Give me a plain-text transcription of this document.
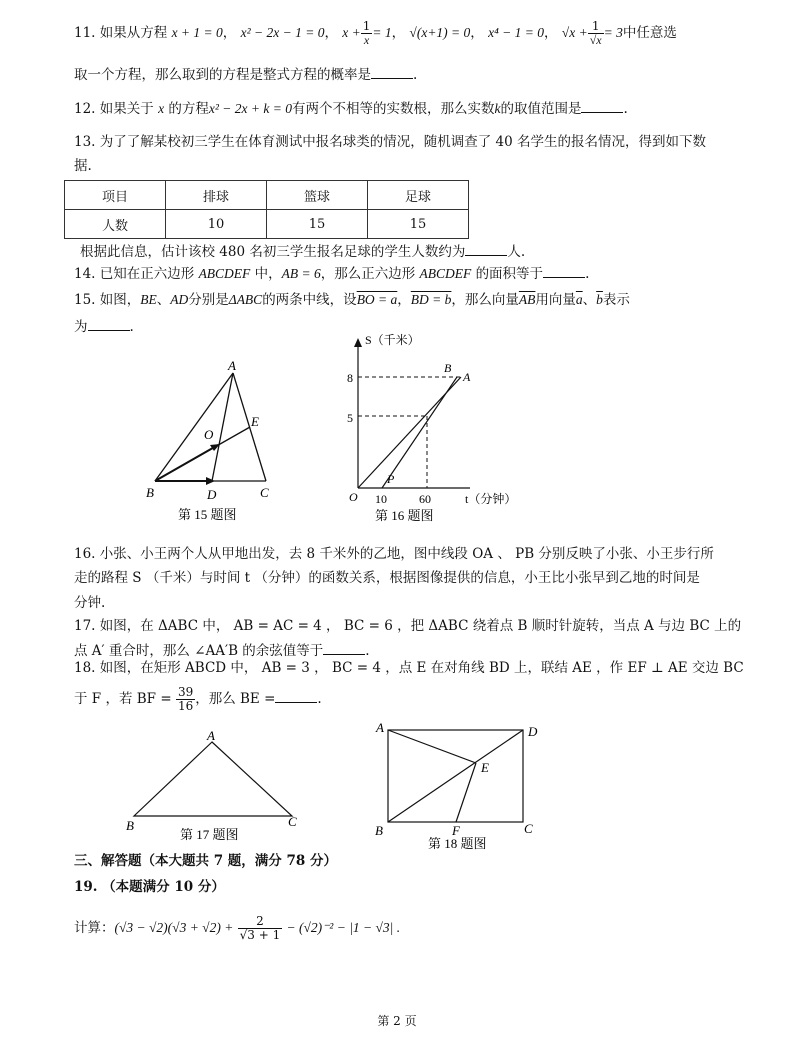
11. 如果从方程 x + 1 = 0， x² − 2x − 1 = 0， $x + \frac{1}{x} = 1$， √(x+1) = 0， x⁴ − 1 = 0， $√x + \frac{1}{√x} = 3$中任意选
取一个方程，那么取到的方程是整式方程的概率是	.
12. 如果关于 x 的方程x² − 2x + k = 0有两个不相等的实数根，那么实数k的取值范围是	.
13. 为了了解某校初三学生在体育测试中报名球类的情况，随机调查了 40 名学生的报名情况，得到如下数
据.
项目	排球	篮球	足球
人数	10	15	15
根据此信息，估计该校 480 名初三学生报名足球的学生人数约为	人.
14. 已知在正六边形 ABCDEF 中，AB = 6，那么正六边形 ABCDEF 的面积等于	.
15. 如图，BE、AD分别是ΔABC的两条中线，设BO = a，BD = b，那么向量$\overline{AB}$用向量$\overline{a}$、$\overline{b}$表示
为	.
A
B	C
D
E
O
第 15 题图
S（千米）
t（分钟）
8
5
10	60
O
A
B
P
第 16 题图
16. 小张、小王两个人从甲地出发，去 8 千米外的乙地，图中线段 OA 、 PB 分别反映了小张、小王步行所
走的路程 S （千米）与时间 t （分钟）的函数关系，根据图像提供的信息，小王比小张早到乙地的时间是
分钟.
17. 如图，在 ΔABC 中， AB = AC = 4 ， BC = 6 ，把 ΔABC 绕着点 B 顺时针旋转，当点 A 与边 BC 上的
点 A′ 重合时，那么 ∠AA′B 的余弦值等于	.
18. 如图，在矩形 ABCD 中， AB = 3 ， BC = 4 ，点 E 在对角线 BD 上，联结 AE ，作 EF ⊥ AE 交边 BC
于 F ，若 BF = $\frac{39}{16}$ ，那么 BE =	.
A
B	C
第 17 题图
A	D
E
B	F	C
第 18 题图
三、解答题（本大题共 7 题，满分 78 分）
19. （本题满分 10 分）
计算：$(√3 - √2)(√3 + √2) + \frac{2}{√3 + 1} - (√2)^{-2} - |1 - √3|$ .
第 2 页
